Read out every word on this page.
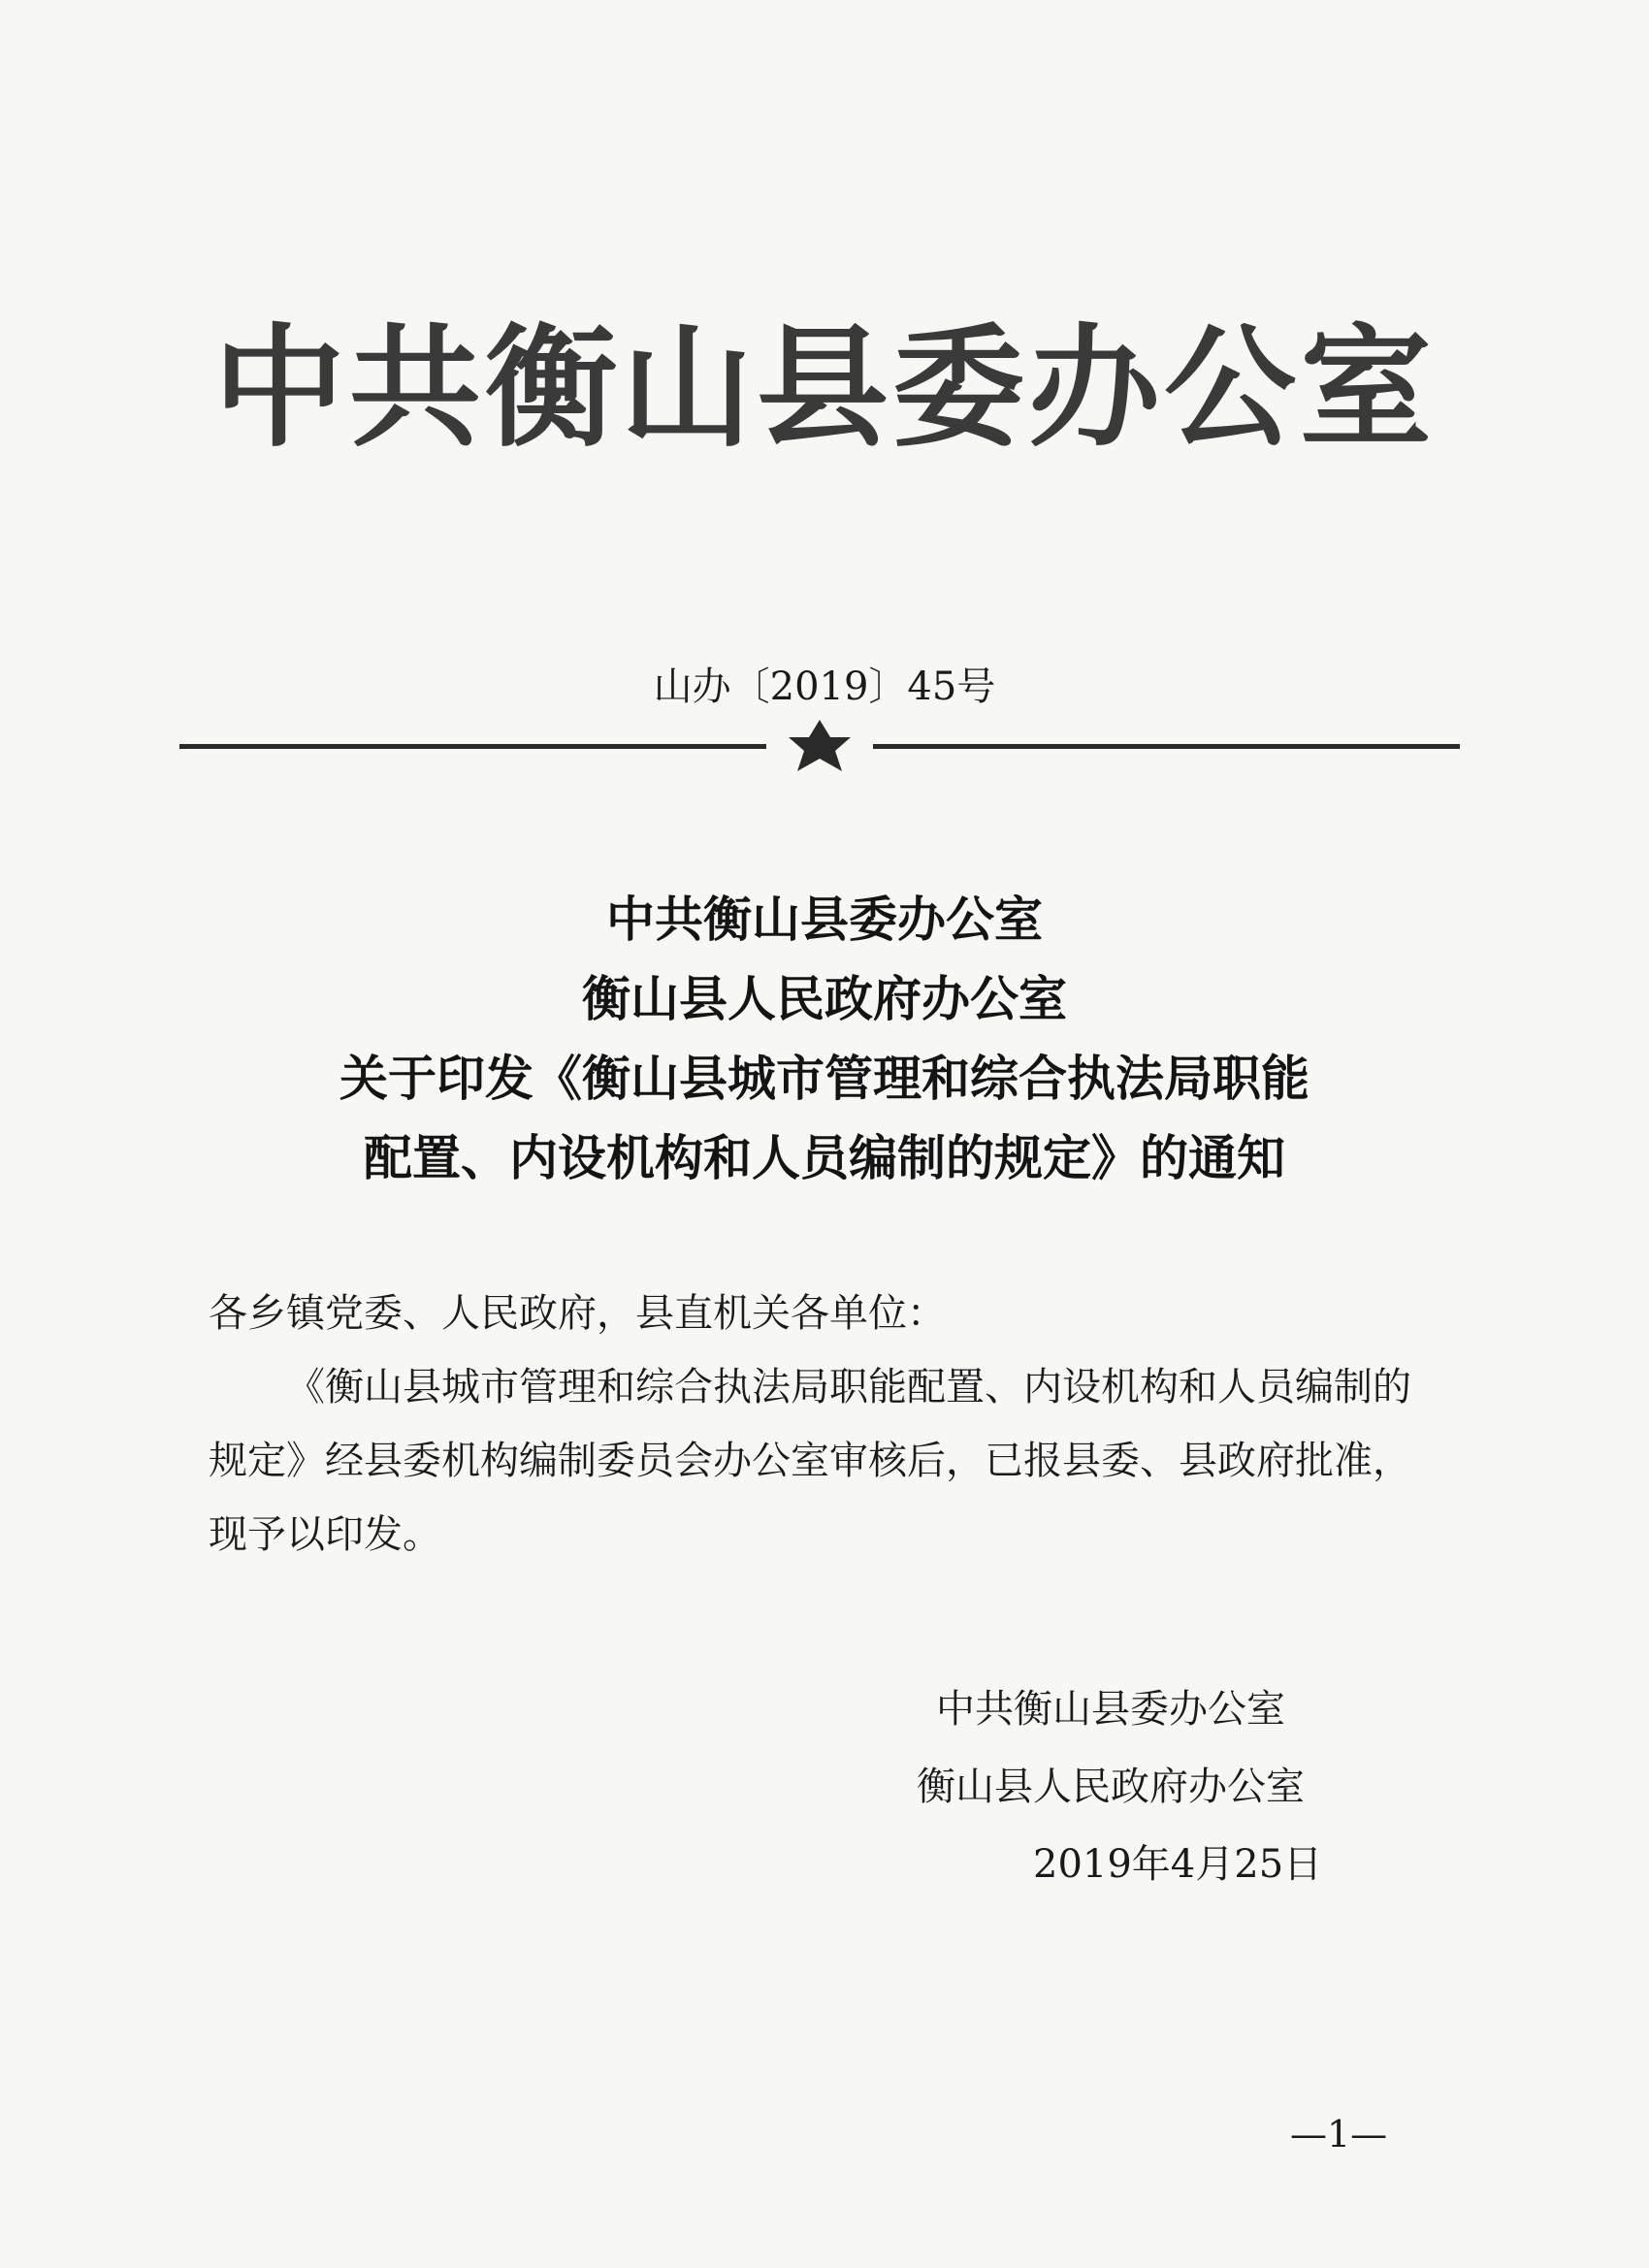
中共衡山县委办公室
山办〔2019〕45号
中共衡山县委办公室
衡山县人民政府办公室
关于印发《衡山县城市管理和综合执法局职能
配置、内设机构和人员编制的规定》的通知
各乡镇党委、人民政府，县直机关各单位：
《衡山县城市管理和综合执法局职能配置、内设机构和人员编制的规定》经县委机构编制委员会办公室审核后，已报县委、县政府批准，现予以印发。
中共衡山县委办公室
衡山县人民政府办公室
2019年4月25日
—1—
